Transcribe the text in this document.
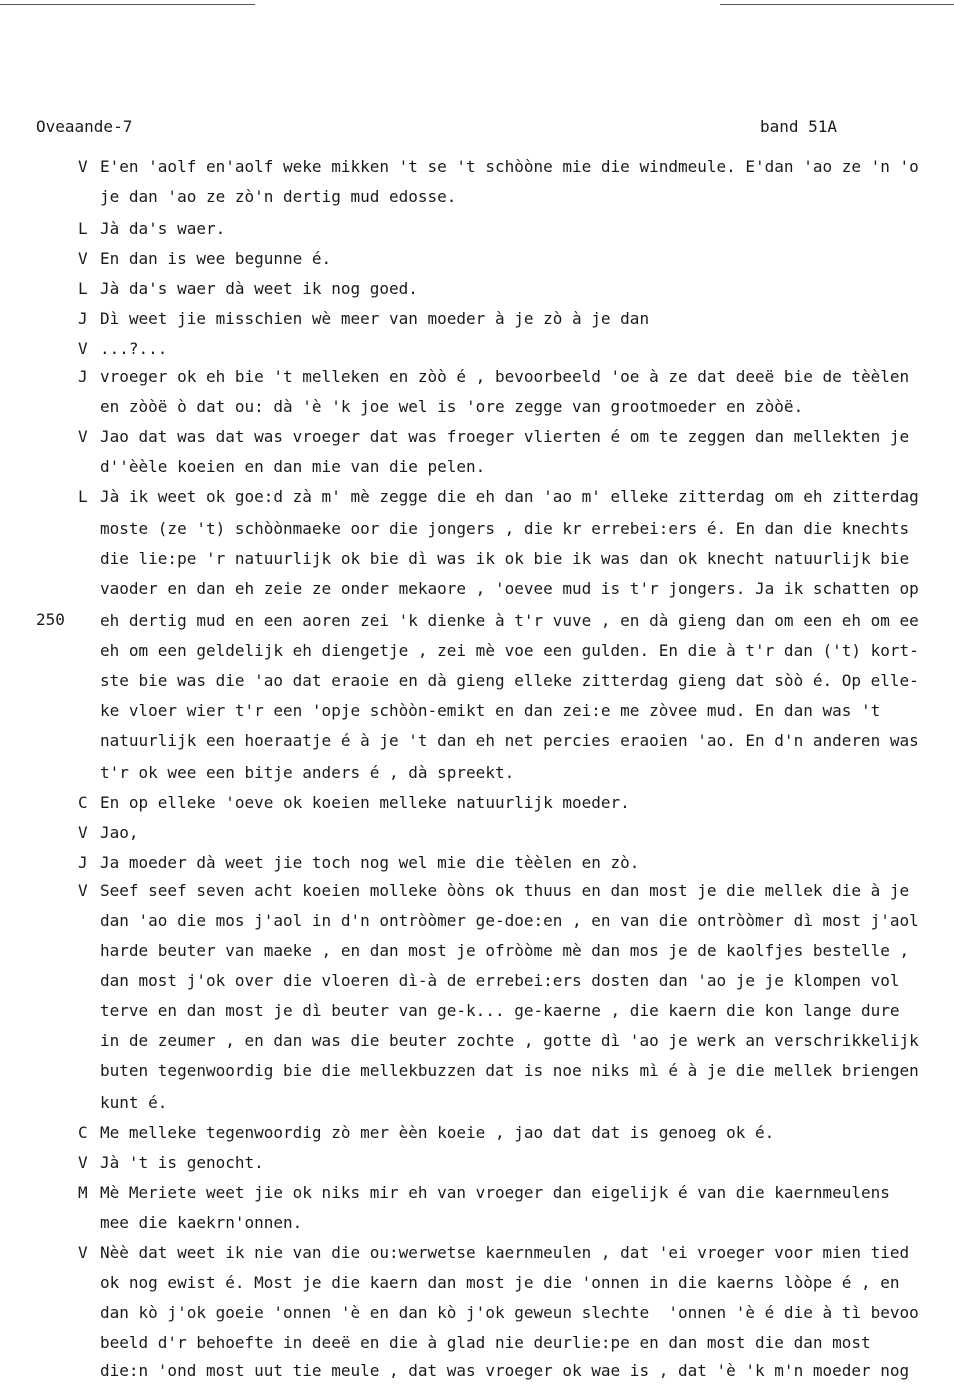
Oveaande-7	band 51A
250
V E'en 'aolf en'aolf weke mikken 't se 't schòòne mie die windmeule. E'dan 'ao ze 'n 'o
je dan 'ao ze zò'n dertig mud edosse.
L Jà da's waer.
V En dan is wee begunne é.
L Jà da's waer dà weet ik nog goed.
J Dì weet jie misschien wè meer van moeder à je zò à je dan
V ...?...
J vroeger ok eh bie 't melleken en zòò é , bevoorbeeld 'oe à ze dat deeë bie de tèèlen
en zòòë ò dat ou: dà 'è 'k joe wel is 'ore zegge van grootmoeder en zòòë.
V Jao dat was dat was vroeger dat was froeger vlierten é om te zeggen dan mellekten je
d''èèle koeien en dan mie van die pelen.
L Jà ik weet ok goe:d zà m' mè zegge die eh dan 'ao m' elleke zitterdag om eh zitterdag
moste (ze 't) schòònmaeke oor die jongers , die kr errebei:ers é. En dan die knechts
die lie:pe 'r natuurlijk ok bie dì was ik ok bie ik was dan ok knecht natuurlijk bie
vaoder en dan eh zeie ze onder mekaore , 'oevee mud is t'r jongers. Ja ik schatten op
eh dertig mud en een aoren zei 'k dienke à t'r vuve , en dà gieng dan om een eh om ee
eh om een geldelijk eh diengetje , zei mè voe een gulden. En die à t'r dan ('t) kort-
ste bie was die 'ao dat eraoie en dà gieng elleke zitterdag gieng dat sòò é. Op elle-
ke vloer wier t'r een 'opje schòòn-emikt en dan zei:e me zòvee mud. En dan was 't
natuurlijk een hoeraatje é à je 't dan eh net percies eraoien 'ao. En d'n anderen was
t'r ok wee een bitje anders é , dà spreekt.
C En op elleke 'oeve ok koeien melleke natuurlijk moeder.
V Jao,
J Ja moeder dà weet jie toch nog wel mie die tèèlen en zò.
V Seef seef seven acht koeien molleke òòns ok thuus en dan most je die mellek die à je
dan 'ao die mos j'aol in d'n ontròòmer ge-doe:en , en van die ontròòmer dì most j'aol
harde beuter van maeke , en dan most je ofròòme mè dan mos je de kaolfjes bestelle ,
dan most j'ok over die vloeren dì-à de errebei:ers dosten dan 'ao je je klompen vol
terve en dan most je dì beuter van ge-k... ge-kaerne , die kaern die kon lange dure
in de zeumer , en dan was die beuter zochte , gotte dì 'ao je werk an verschrikkelijk
buten tegenwoordig bie die mellekbuzzen dat is noe niks mì é à je die mellek briengen
kunt é.
C Me melleke tegenwoordig zò mer èèn koeie , jao dat dat is genoeg ok é.
V Jà 't is genocht.
M Mè Meriete weet jie ok niks mir eh van vroeger dan eigelijk é van die kaernmeulens
mee die kaekrn'onnen.
V Nèè dat weet ik nie van die ou:werwetse kaernmeulen , dat 'ei vroeger voor mien tied
ok nog ewist é. Most je die kaern dan most je die 'onnen in die kaerns lòòpe é , en
dan kò j'ok goeie 'onnen 'è en dan kò j'ok geweun slechte  'onnen 'è é die à tì bevoo
beeld d'r behoefte in deeë en die à glad nie deurlie:pe en dan most die dan most
die:n 'ond most uut tie meule , dat was vroeger ok wae is , dat 'è 'k m'n moeder nog
